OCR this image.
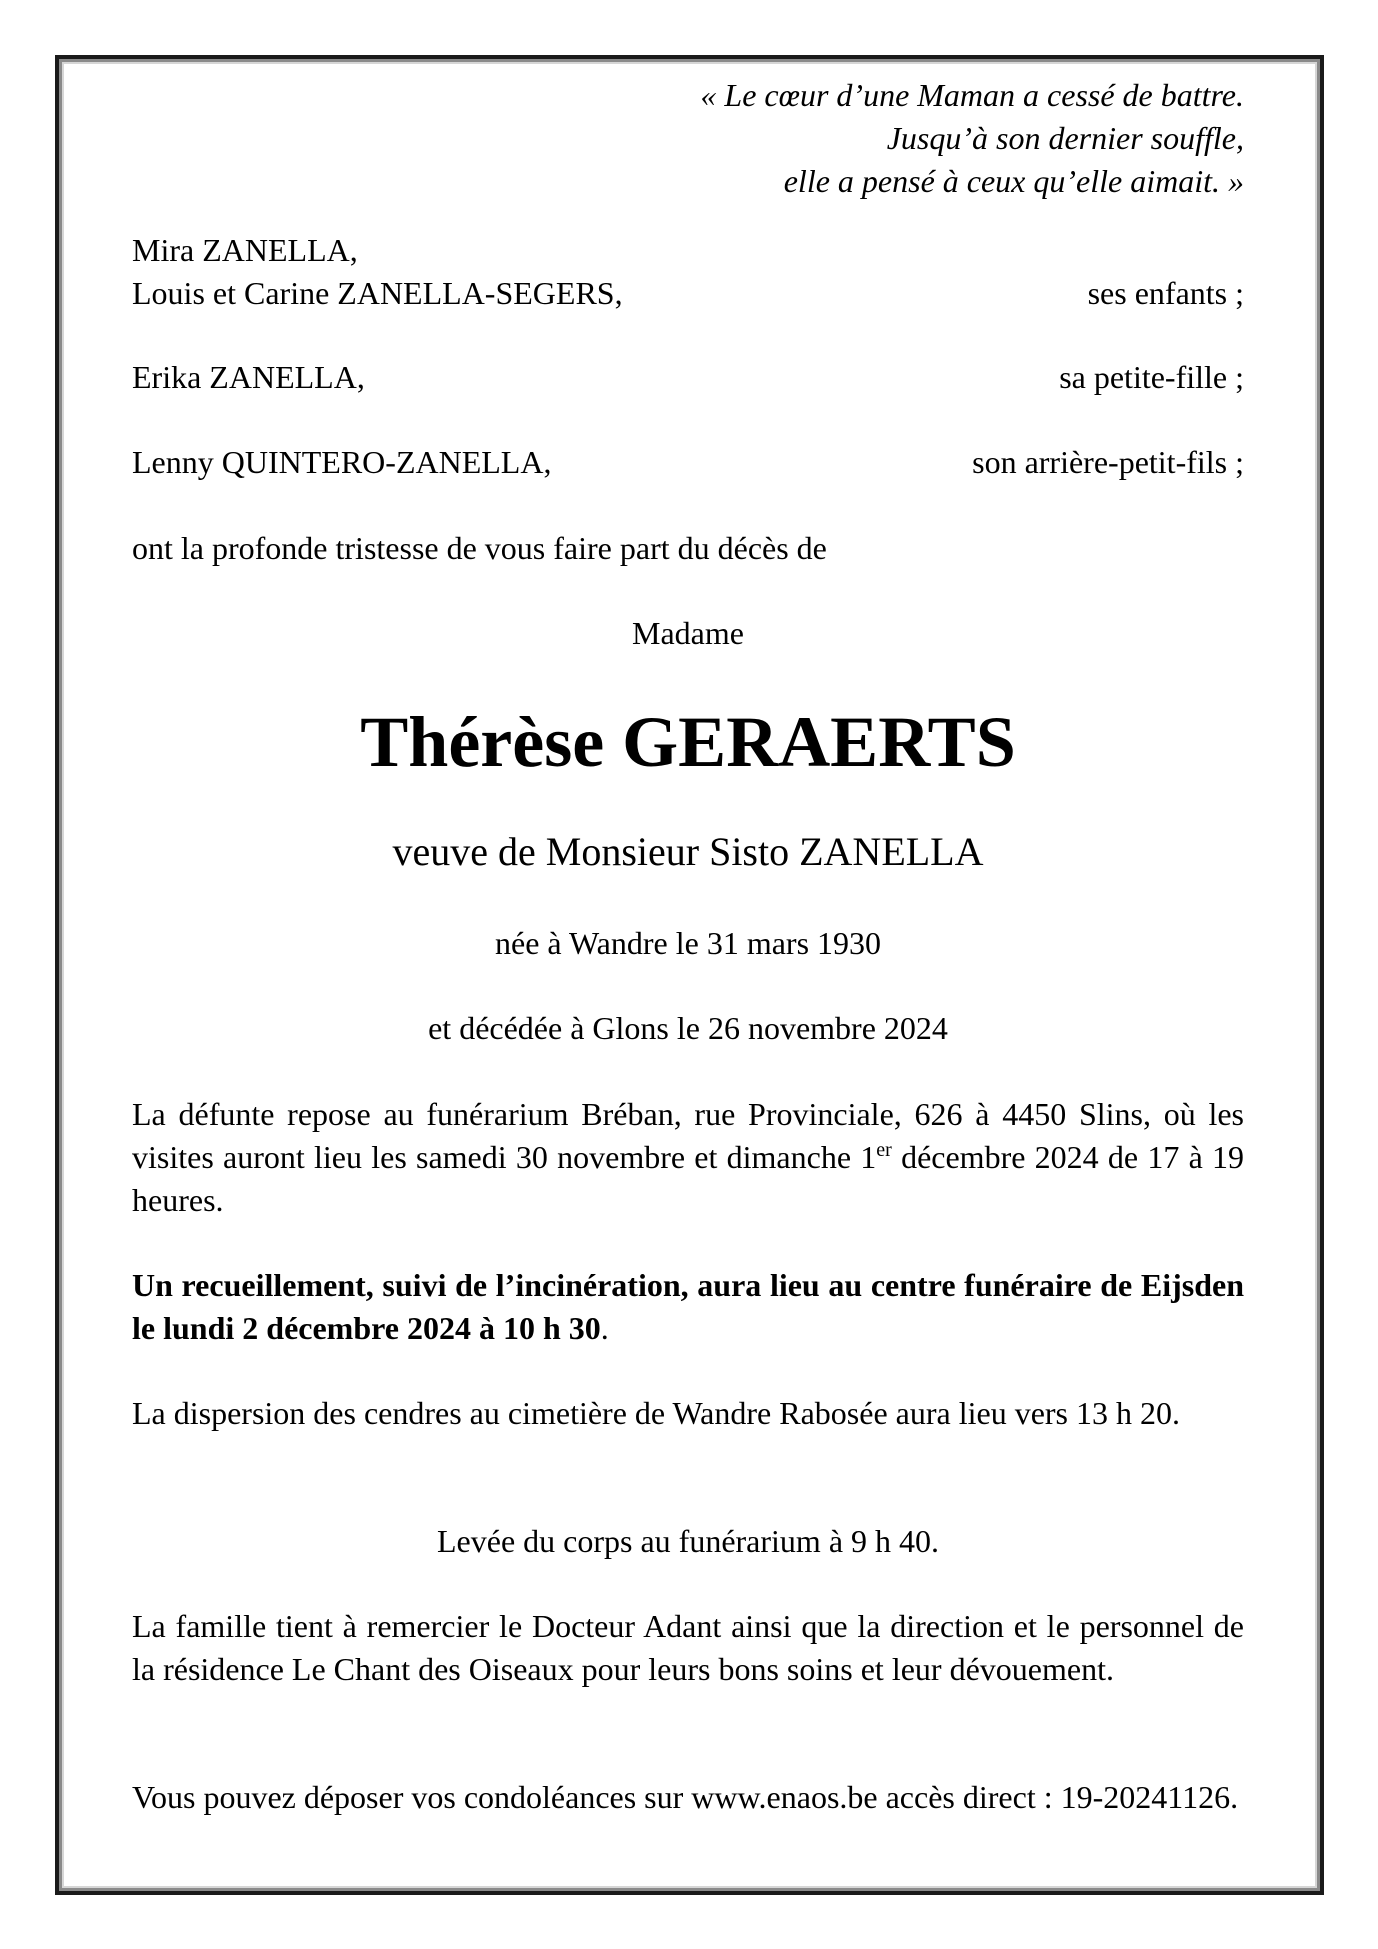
« Le cœur d’une Maman a cessé de battre.
Jusqu’à son dernier souffle,
elle a pensé à ceux qu’elle aimait. »
Mira ZANELLA,
Louis et Carine ZANELLA-SEGERS,	ses enfants ;
Erika ZANELLA,	sa petite-fille ;
Lenny QUINTERO-ZANELLA,	son arrière-petit-fils ;
ont la profonde tristesse de vous faire part du décès de
Madame
Thérèse GERAERTS
veuve de Monsieur Sisto ZANELLA
née à Wandre le 31 mars 1930
et décédée à Glons le 26 novembre 2024
La défunte repose au funérarium Bréban, rue Provinciale, 626 à 4450 Slins, où les visites auront lieu les samedi 30 novembre et dimanche 1er décembre 2024 de 17 à 19 heures.
Un recueillement, suivi de l’incinération, aura lieu au centre funéraire de Eijsden le lundi 2 décembre 2024 à 10 h 30.
La dispersion des cendres au cimetière de Wandre Rabosée aura lieu vers 13 h 20.
Levée du corps au funérarium à 9 h 40.
La famille tient à remercier le Docteur Adant ainsi que la direction et le personnel de la résidence Le Chant des Oiseaux pour leurs bons soins et leur dévouement.
Vous pouvez déposer vos condoléances sur www.enaos.be accès direct : 19-20241126.
